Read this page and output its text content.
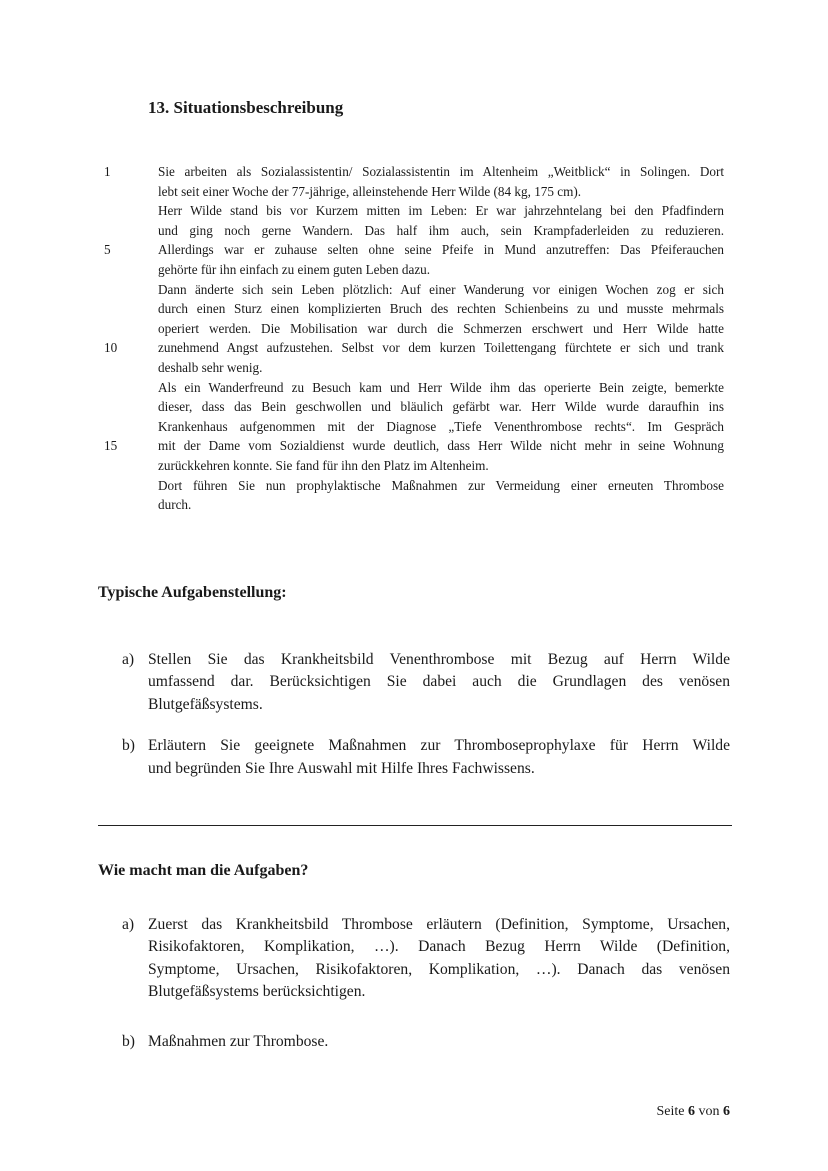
13. Situationsbeschreibung
1	Sie arbeiten als Sozialassistentin/ Sozialassistentin im Altenheim „Weitblick“ in Solingen. Dort
lebt seit einer Woche der 77-jährige, alleinstehende Herr Wilde (84 kg, 175 cm).
Herr Wilde stand bis vor Kurzem mitten im Leben: Er war jahrzehntelang bei den Pfadfindern
und ging noch gerne Wandern. Das half ihm auch, sein Krampfaderleiden zu reduzieren.
5	Allerdings war er zuhause selten ohne seine Pfeife in Mund anzutreffen: Das Pfeiferauchen
gehörte für ihn einfach zu einem guten Leben dazu.
Dann änderte sich sein Leben plötzlich: Auf einer Wanderung vor einigen Wochen zog er sich
durch einen Sturz einen komplizierten Bruch des rechten Schienbeins zu und musste mehrmals
operiert werden. Die Mobilisation war durch die Schmerzen erschwert und Herr Wilde hatte
10	zunehmend Angst aufzustehen. Selbst vor dem kurzen Toilettengang fürchtete er sich und trank
deshalb sehr wenig.
Als ein Wanderfreund zu Besuch kam und Herr Wilde ihm das operierte Bein zeigte, bemerkte
dieser, dass das Bein geschwollen und bläulich gefärbt war. Herr Wilde wurde daraufhin ins
Krankenhaus aufgenommen mit der Diagnose „Tiefe Venenthrombose rechts“. Im Gespräch
15	mit der Dame vom Sozialdienst wurde deutlich, dass Herr Wilde nicht mehr in seine Wohnung
zurückkehren konnte. Sie fand für ihn den Platz im Altenheim.
Dort führen Sie nun prophylaktische Maßnahmen zur Vermeidung einer erneuten Thrombose
durch.
Typische Aufgabenstellung:
a) Stellen Sie das Krankheitsbild Venenthrombose mit Bezug auf Herrn Wilde
umfassend dar. Berücksichtigen Sie dabei auch die Grundlagen des venösen
Blutgefäßsystems.
b) Erläutern Sie geeignete Maßnahmen zur Thromboseprophylaxe für Herrn Wilde
und begründen Sie Ihre Auswahl mit Hilfe Ihres Fachwissens.
Wie macht man die Aufgaben?
a) Zuerst das Krankheitsbild Thrombose erläutern (Definition, Symptome, Ursachen,
Risikofaktoren, Komplikation, …). Danach Bezug Herrn Wilde (Definition,
Symptome, Ursachen, Risikofaktoren, Komplikation, …). Danach das venösen
Blutgefäßsystems berücksichtigen.
b) Maßnahmen zur Thrombose.
Seite 6 von 6
